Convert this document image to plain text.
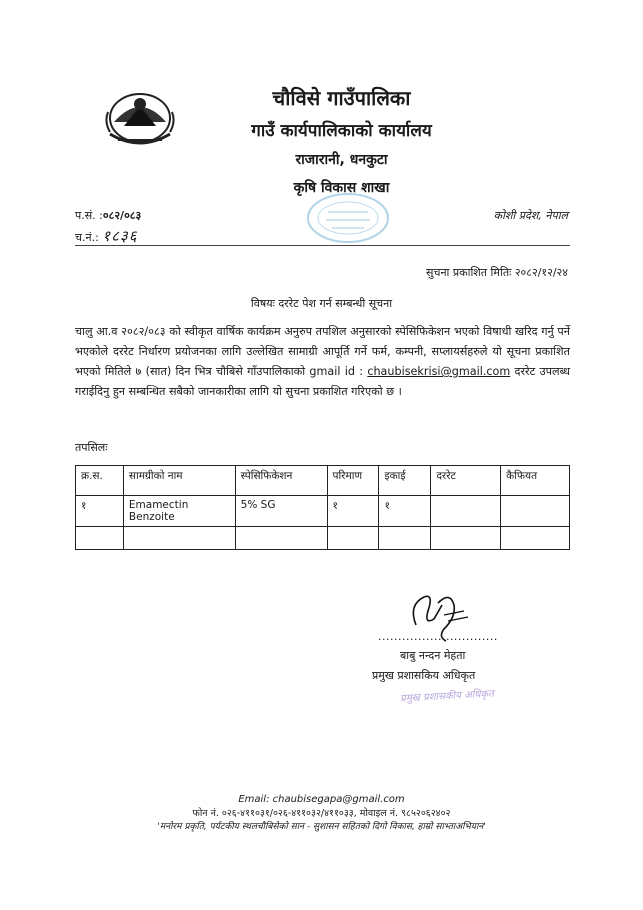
चौविसे गाउँपालिका
गाउँ कार्यपालिकाको कार्यालय
राजारानी, धनकुटा
कृषि विकास शाखा
प.सं. :०८२/०८३
च.नं.: १८३६
कोशी प्रदेश, नेपाल
सुचना प्रकाशित मितिः २०८२/१२/२४
विषयः दररेट पेश गर्न सम्बन्धी सूचना
चालु आ.व २०८२/०८३ को स्वीकृत वार्षिक कार्यक्रम अनुरुप तपशिल अनुसारको स्पेसिफिकेशन भएको विषाधी खरिद गर्नु पर्ने भएकोले दररेट निर्धारण प्रयोजनका लागि उल्लेखित सामाग्री आपूर्ति गर्ने फर्म, कम्पनी, सप्लायर्सहरुले यो सूचना प्रकाशित भएको मितिले ७ (सात) दिन भित्र चौबिसे गाँउपालिकाको gmail id : chaubisekrisi@gmail.com दररेट उपलब्ध गराईदिनु हुन सम्बन्धित सबैको जानकारीका लागि यो सुचना प्रकाशित गरिएको छ ।
तपसिलः
क्र.स.	सामग्रीको नाम	स्पेसिफिकेशन	परिमाण	इकाई	दररेट	कैफियत
१	Emamectin Benzoite	5% SG	१	१		

..............................
बाबु नन्दन मेहता
प्रमुख प्रशासकिय अधिकृत
प्रमुख प्रशासकीय अधिकृत
Email: chaubisegapa@gmail.com
फोन नं. ०२६-४११०३१/०२६-४११०३२/४११०३३, मोवाइल नं. ९८५२०६२४०२
'मनोरम प्रकृति, पर्यटकीय स्थलचौबिसेको सान - सुशासन सहितको दिगो विकास, हाम्रो साभ्ताअभियान'
